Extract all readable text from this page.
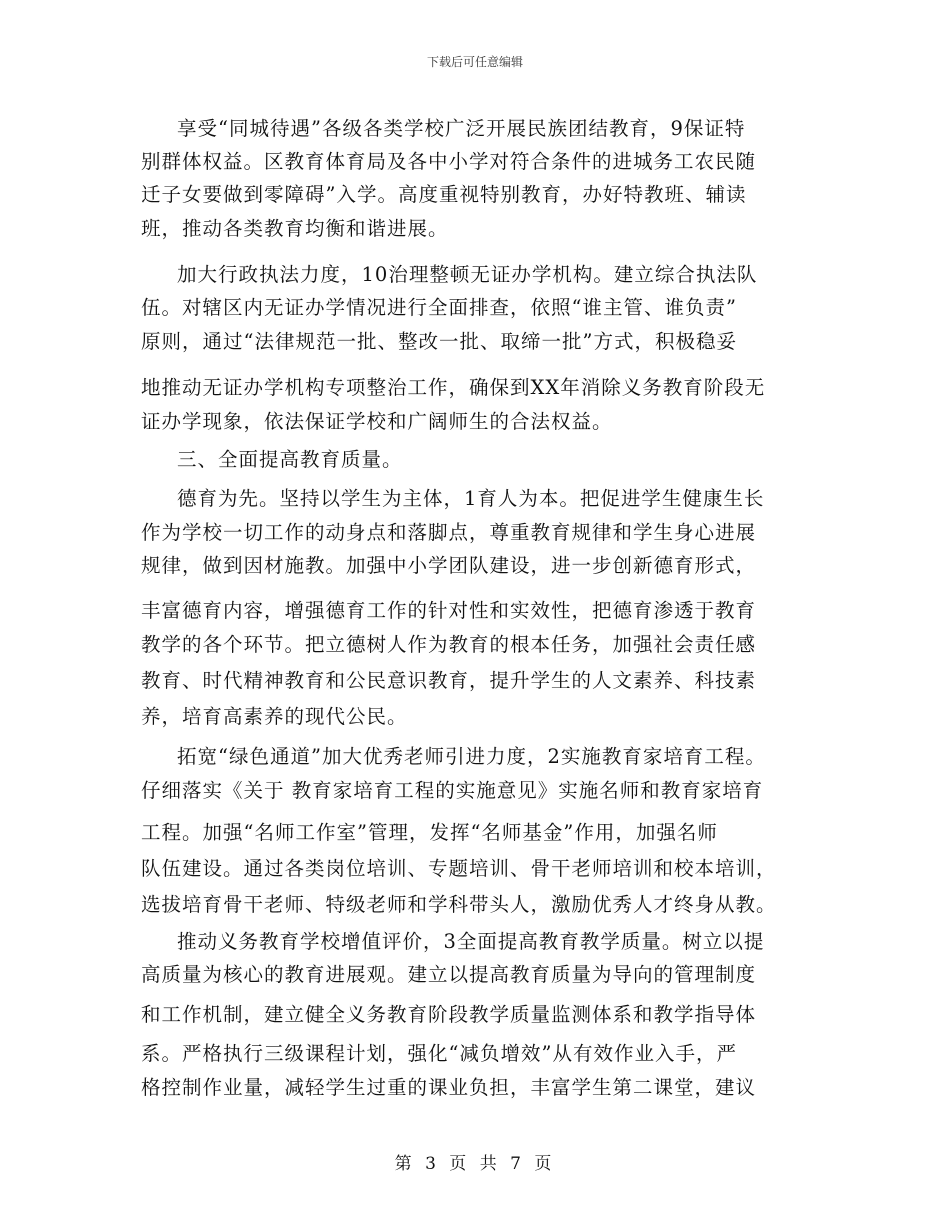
下载后可任意编辑
享受“同城待遇”各级各类学校广泛开展民族团结教育，9保证特
别群体权益。区教育体育局及各中小学对符合条件的进城务工农民随
迁子女要做到零障碍”入学。高度重视特别教育，办好特教班、辅读
班，推动各类教育均衡和谐进展。
加大行政执法力度，10治理整顿无证办学机构。建立综合执法队
伍。对辖区内无证办学情况进行全面排查，依照“谁主管、谁负责”
原则，通过“法律规范一批、整改一批、取缔一批”方式，积极稳妥
地推动无证办学机构专项整治工作，确保到XX年消除义务教育阶段无
证办学现象，依法保证学校和广阔师生的合法权益。
三、全面提高教育质量。
德育为先。坚持以学生为主体，1育人为本。把促进学生健康生长
作为学校一切工作的动身点和落脚点，尊重教育规律和学生身心进展
规律，做到因材施教。加强中小学团队建设，进一步创新德育形式，
丰富德育内容，增强德育工作的针对性和实效性，把德育渗透于教育
教学的各个环节。把立德树人作为教育的根本任务，加强社会责任感
教育、时代精神教育和公民意识教育，提升学生的人文素养、科技素
养，培育高素养的现代公民。
拓宽“绿色通道”加大优秀老师引进力度，2实施教育家培育工程。
仔细落实《关于 教育家培育工程的实施意见》实施名师和教育家培育
工程。加强“名师工作室”管理，发挥“名师基金”作用，加强名师
队伍建设。通过各类岗位培训、专题培训、骨干老师培训和校本培训，
选拔培育骨干老师、特级老师和学科带头人，激励优秀人才终身从教。
推动义务教育学校增值评价，3全面提高教育教学质量。树立以提
高质量为核心的教育进展观。建立以提高教育质量为导向的管理制度
和工作机制，建立健全义务教育阶段教学质量监测体系和教学指导体
系。严格执行三级课程计划，强化“减负增效”从有效作业入手，严
格控制作业量，减轻学生过重的课业负担，丰富学生第二课堂，建议
第 3 页 共 7 页
